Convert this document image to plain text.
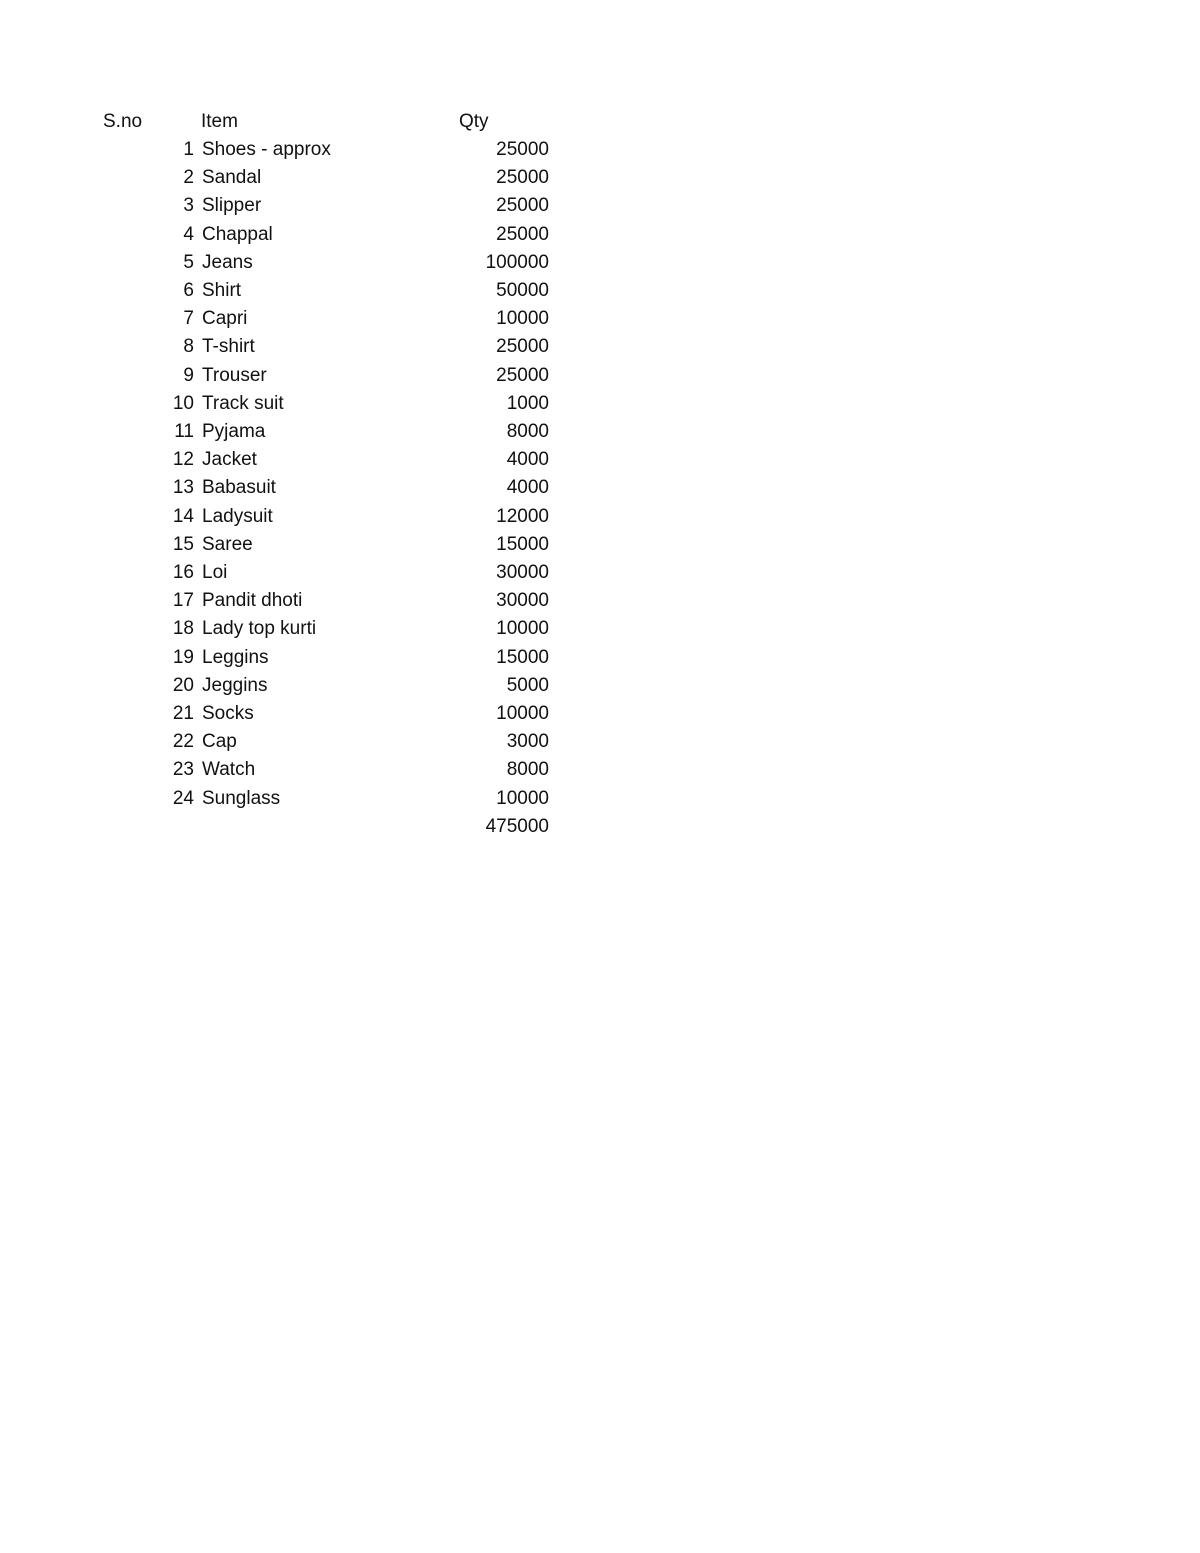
S.no	Item	Qty
1 Shoes - approx	25000
2 Sandal	25000
3 Slipper	25000
4 Chappal	25000
5 Jeans	100000
6 Shirt	50000
7 Capri	10000
8 T-shirt	25000
9 Trouser	25000
10 Track suit	1000
11 Pyjama	8000
12 Jacket	4000
13 Babasuit	4000
14 Ladysuit	12000
15 Saree	15000
16 Loi	30000
17 Pandit dhoti	30000
18 Lady top kurti	10000
19 Leggins	15000
20 Jeggins	5000
21 Socks	10000
22 Cap	3000
23 Watch	8000
24 Sunglass	10000
475000
